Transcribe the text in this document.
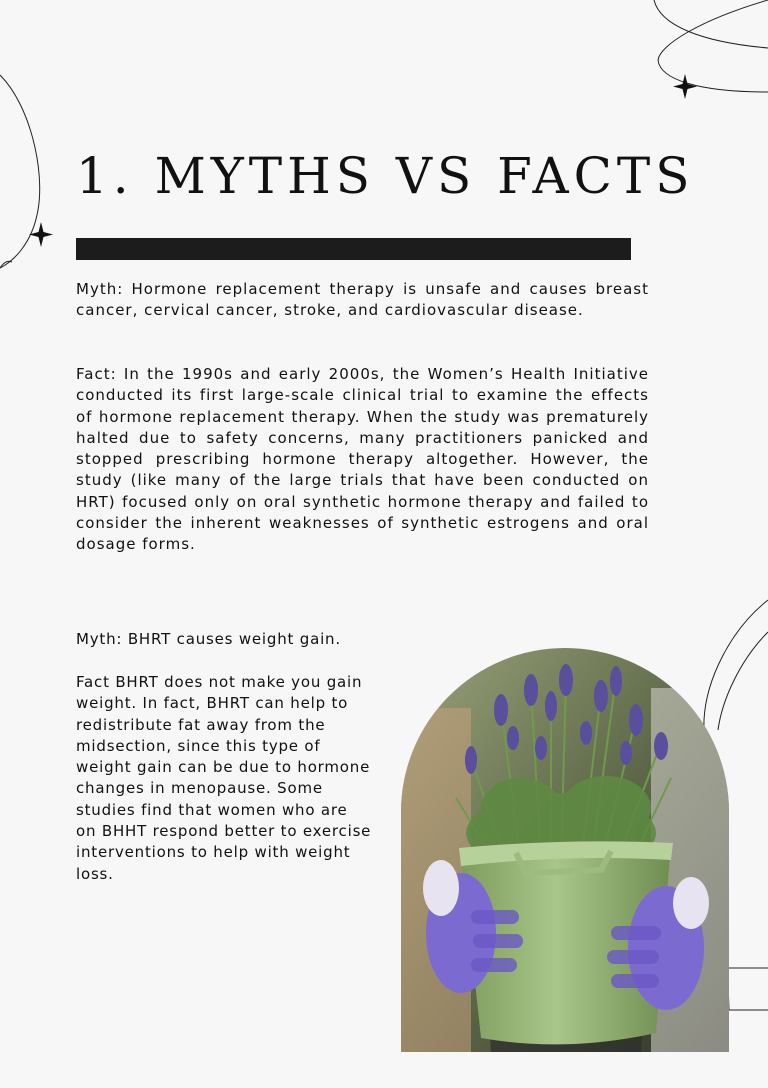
1. MYTHS VS FACTS

Myth: Hormone replacement therapy is unsafe and causes breast cancer, cervical cancer, stroke, and cardiovascular disease.

Fact: In the 1990s and early 2000s, the Women’s Health Initiative conducted its first large-scale clinical trial to examine the effects of hormone replacement therapy. When the study was prematurely halted due to safety concerns, many practitioners panicked and stopped prescribing hormone therapy altogether. However, the study (like many of the large trials that have been conducted on HRT) focused only on oral synthetic hormone therapy and failed to consider the inherent weaknesses of synthetic estrogens and oral dosage forms.

Myth: BHRT causes weight gain.

Fact BHRT does not make you gain weight. In fact, BHRT can help to

redistribute fat away from the midsection, since this type of weight gain can be due to hormone changes in menopause. Some studies find that women who are on BHHT respond better to exercise interventions to help with weight loss.
